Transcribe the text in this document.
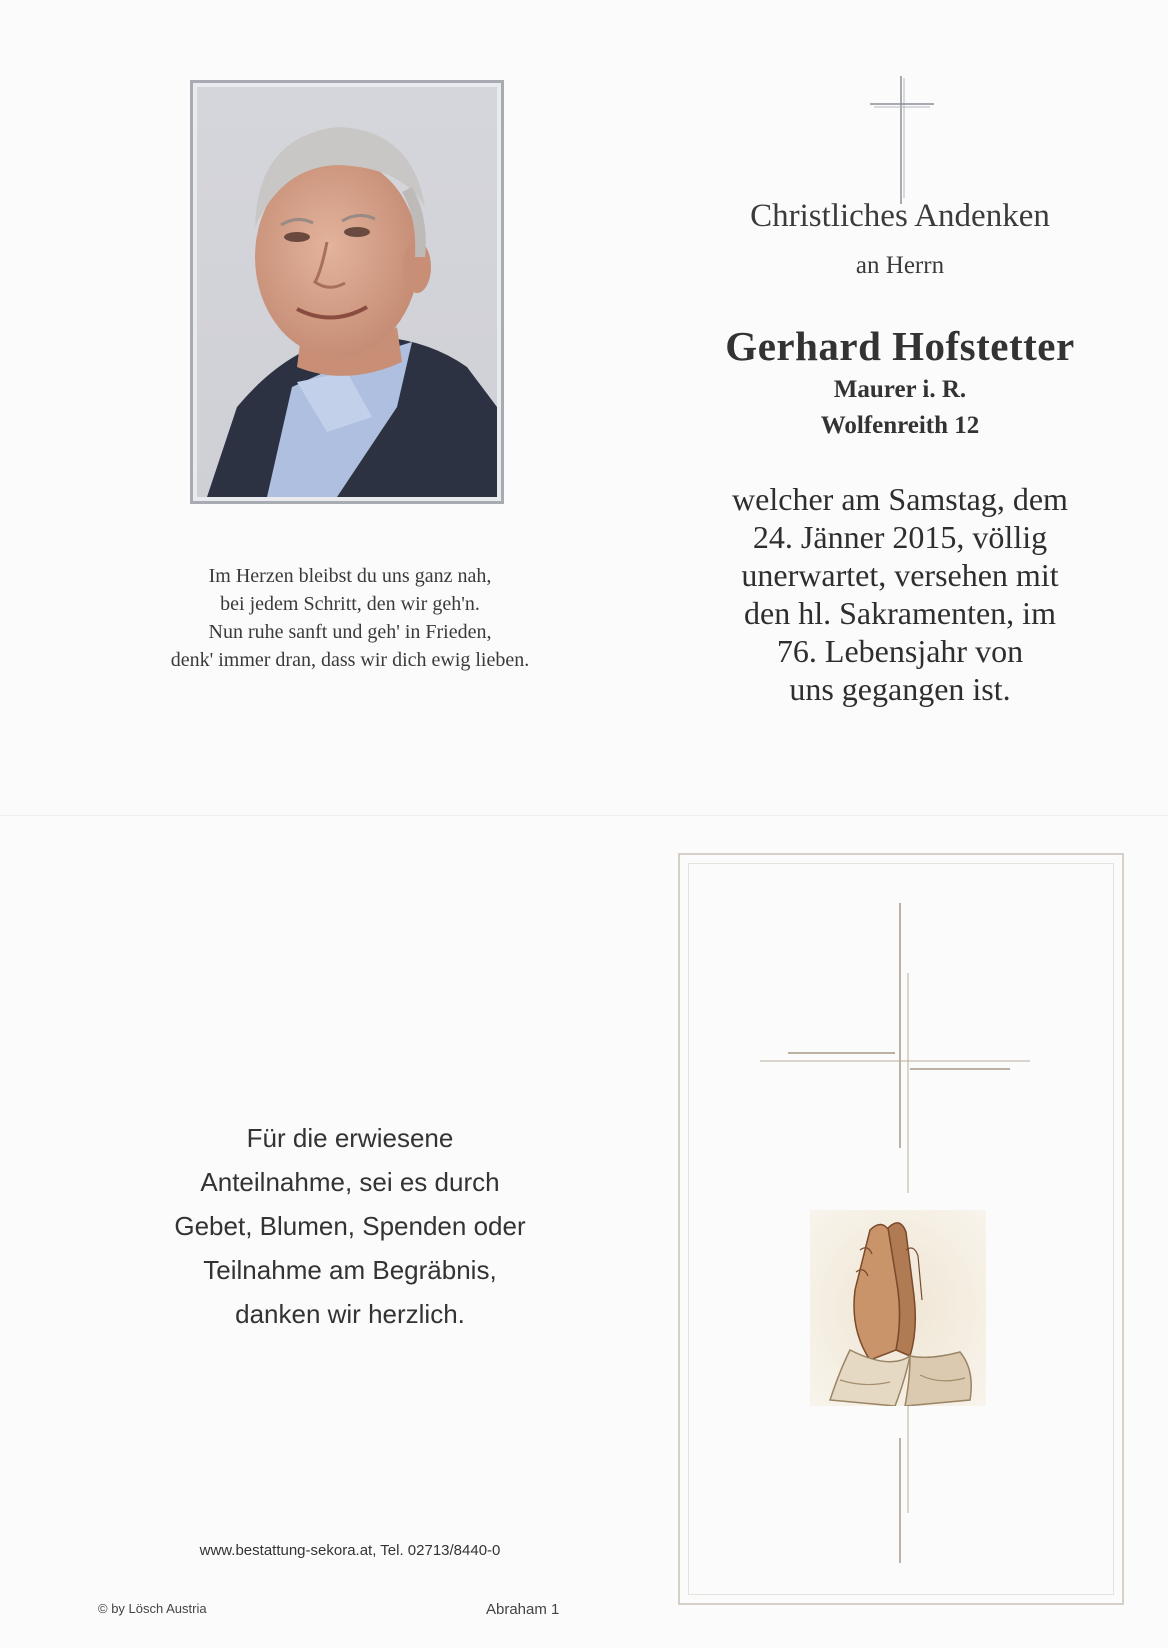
Im Herzen bleibst du uns ganz nah,
bei jedem Schritt, den wir geh'n.
Nun ruhe sanft und geh' in Frieden,
denk' immer dran, dass wir dich ewig lieben.
Christliches Andenken
an Herrn
Gerhard Hofstetter
Maurer i. R.
Wolfenreith 12
welcher am Samstag, dem
24. Jänner 2015, völlig
unerwartet, versehen mit
den hl. Sakramenten, im
76. Lebensjahr von
uns gegangen ist.
Für die erwiesene
Anteilnahme, sei es durch
Gebet, Blumen, Spenden oder
Teilnahme am Begräbnis,
danken wir herzlich.
www.bestattung-sekora.at, Tel. 02713/8440-0
© by Lösch Austria	Abraham 1
